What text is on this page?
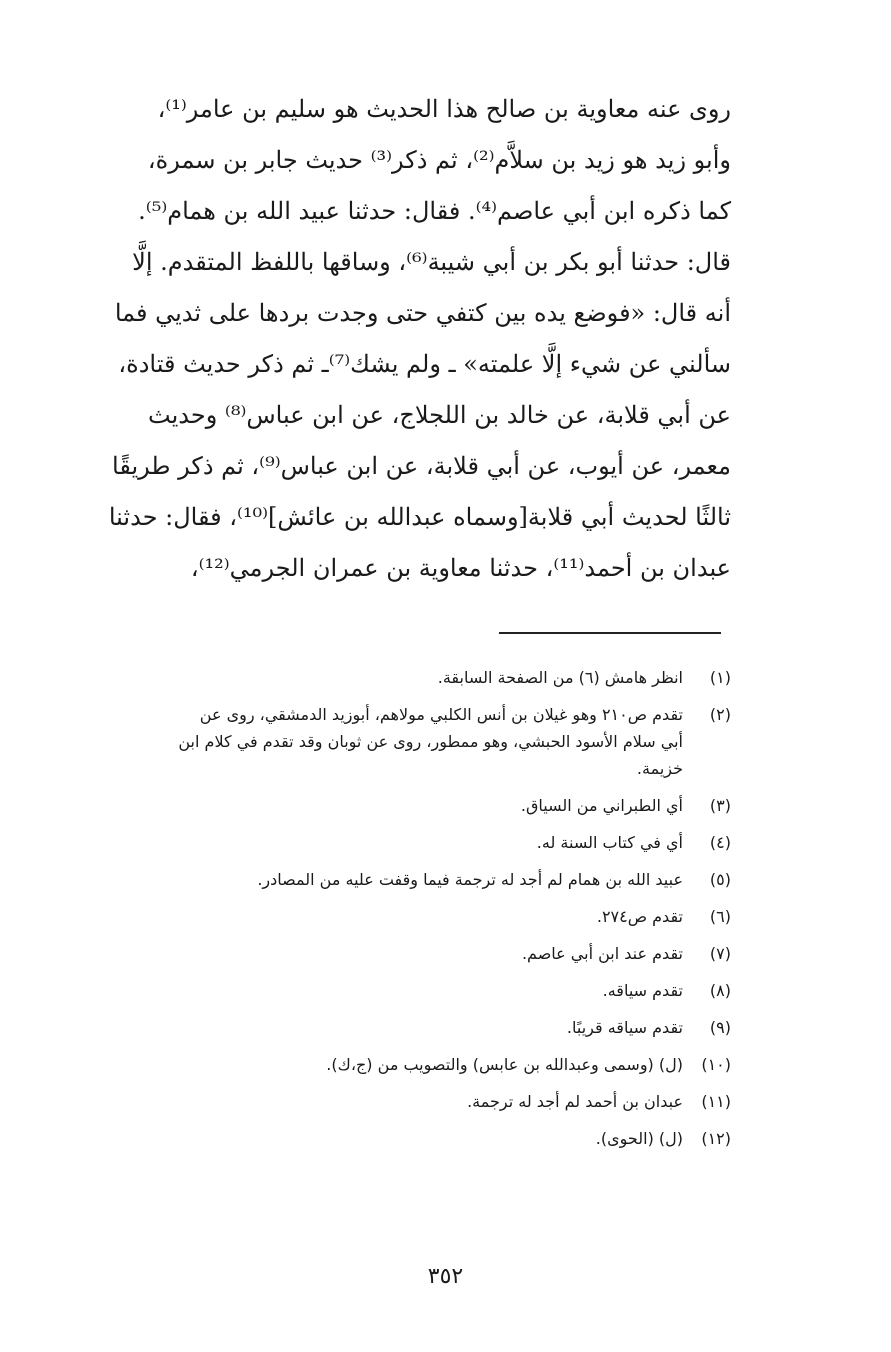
روى عنه معاوية بن صالح هذا الحديث هو سليم بن عامر⁽¹⁾،
وأبو زيد هو زيد بن سلاَّم⁽²⁾، ثم ذكر⁽³⁾ حديث جابر بن سمرة،
كما ذكره ابن أبي عاصم⁽⁴⁾. فقال: حدثنا عبيد الله بن همام⁽⁵⁾.
قال: حدثنا أبو بكر بن أبي شيبة⁽⁶⁾، وساقها باللفظ المتقدم. إلَّا
أنه قال: «فوضع يده بين كتفي حتى وجدت بردها على ثديي فما
سألني عن شيء إلَّا علمته» ـ ولم يشك⁽⁷⁾ـ ثم ذكر حديث قتادة،
عن أبي قلابة، عن خالد بن اللجلاج، عن ابن عباس⁽⁸⁾ وحديث
معمر، عن أيوب، عن أبي قلابة، عن ابن عباس⁽⁹⁾، ثم ذكر طريقًا
ثالثًا لحديث أبي قلابة[وسماه عبدالله بن عائش]⁽¹⁰⁾، فقال: حدثنا
عبدان بن أحمد⁽¹¹⁾، حدثنا معاوية بن عمران الجرمي⁽¹²⁾،
(١)
انظر هامش (٦) من الصفحة السابقة.
(٢)
تقدم ص٢١٠ وهو غيلان بن أنس الكلبي مولاهم، أبوزيد الدمشقي، روى عن
أبي سلام الأسود الحبشي، وهو ممطور، روى عن ثوبان وقد تقدم في كلام ابن
خزيمة.
(٣)
أي الطبراني من السياق.
(٤)
أي في كتاب السنة له.
(٥)
عبيد الله بن همام لم أجد له ترجمة فيما وقفت عليه من المصادر.
(٦)
تقدم ص٢٧٤.
(٧)
تقدم عند ابن أبي عاصم.
(٨)
تقدم سياقه.
(٩)
تقدم سياقه قريبًا.
(١٠)
(ل) (وسمى وعبدالله بن عابس) والتصويب من (ج،ك).
(١١)
عبدان بن أحمد لم أجد له ترجمة.
(١٢)
(ل) (الحوى).
٣٥٢
